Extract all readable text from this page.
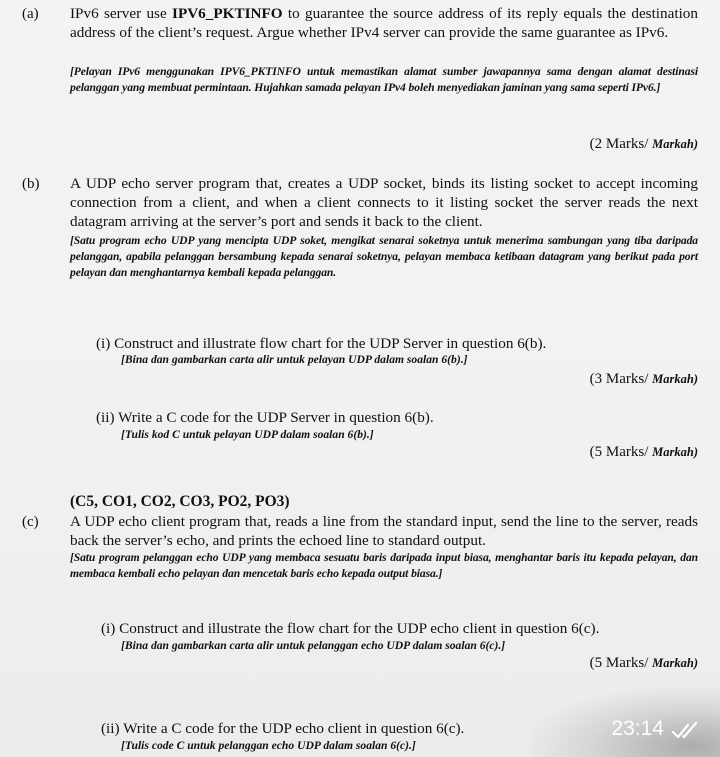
(a) IPv6 server use IPV6_PKTINFO to guarantee the source address of its reply equals the destination address of the client’s request. Argue whether IPv4 server can provide the same guarantee as IPv6.
[Pelayan IPv6 menggunakan IPV6_PKTINFO untuk memastikan alamat sumber jawapannya sama dengan alamat destinasi pelanggan yang membuat permintaan. Hujahkan samada pelayan IPv4 boleh menyediakan jaminan yang sama seperti IPv6.]
(2 Marks/ Markah)
(b) A UDP echo server program that, creates a UDP socket, binds its listing socket to accept incoming connection from a client, and when a client connects to it listing socket the server reads the next datagram arriving at the server’s port and sends it back to the client.
[Satu program echo UDP yang mencipta UDP soket, mengikat senarai soketnya untuk menerima sambungan yang tiba daripada pelanggan, apabila pelanggan bersambung kepada senarai soketnya, pelayan membaca ketibaan datagram yang berikut pada port pelayan dan menghantarnya kembali kepada pelanggan.
(i) Construct and illustrate flow chart for the UDP Server in question 6(b).
[Bina dan gambarkan carta alir untuk pelayan UDP dalam soalan 6(b).]
(3 Marks/ Markah)
(ii) Write a C code for the UDP Server in question 6(b).
[Tulis kod C untuk pelayan UDP dalam soalan 6(b).]
(5 Marks/ Markah)
(C5, CO1, CO2, CO3, PO2, PO3)
(c) A UDP echo client program that, reads a line from the standard input, send the line to the server, reads back the server’s echo, and prints the echoed line to standard output.
[Satu program pelanggan echo UDP yang membaca sesuatu baris daripada input biasa, menghantar baris itu kepada pelayan, dan membaca kembali echo pelayan dan mencetak baris echo kepada output biasa.]
(i) Construct and illustrate the flow chart for the UDP echo client in question 6(c).
[Bina dan gambarkan carta alir untuk pelanggan echo UDP dalam soalan 6(c).]
(5 Marks/ Markah)
(ii) Write a C code for the UDP echo client in question 6(c).
[Tulis code C untuk pelanggan echo UDP dalam soalan 6(c).]
23:14
